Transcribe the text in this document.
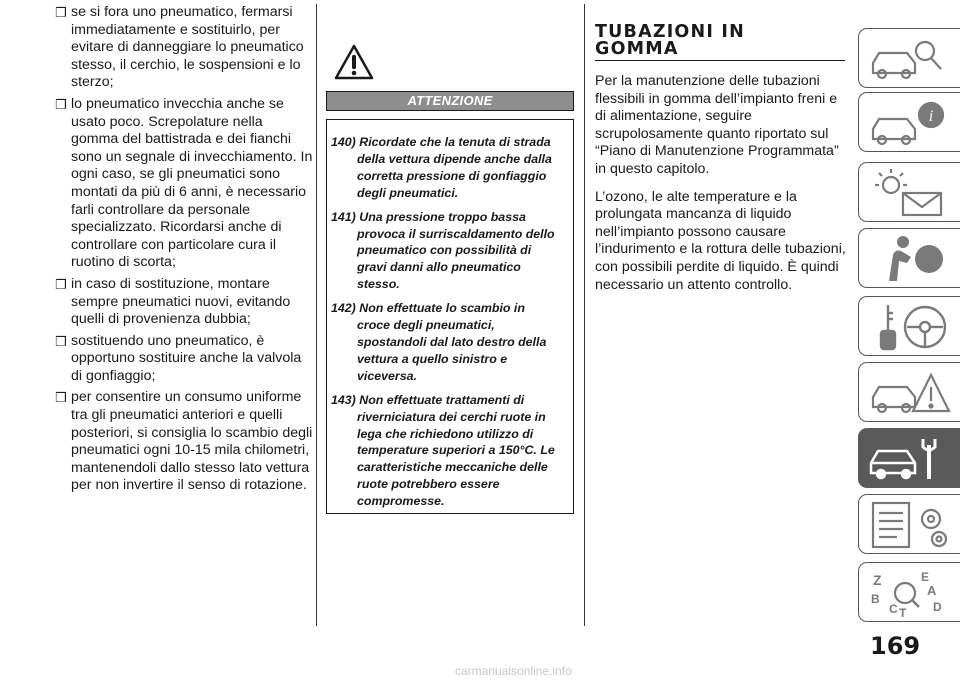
❒ se si fora uno pneumatico, fermarsi immediatamente e sostituirlo, per evitare di danneggiare lo pneumatico stesso, il cerchio, le sospensioni e lo sterzo;
❒ lo pneumatico invecchia anche se usato poco. Screpolature nella gomma del battistrada e dei fianchi sono un segnale di invecchiamento. In ogni caso, se gli pneumatici sono montati da più di 6 anni, è necessario farli controllare da personale specializzato. Ricordarsi anche di controllare con particolare cura il ruotino di scorta;
❒ in caso di sostituzione, montare sempre pneumatici nuovi, evitando quelli di provenienza dubbia;
❒ sostituendo uno pneumatico, è opportuno sostituire anche la valvola di gonfiaggio;
❒ per consentire un consumo uniforme tra gli pneumatici anteriori e quelli posteriori, si consiglia lo scambio degli pneumatici ogni 10-15 mila chilometri, mantenendoli dallo stesso lato vettura per non invertire il senso di rotazione.
ATTENZIONE
140) Ricordate che la tenuta di strada della vettura dipende anche dalla corretta pressione di gonfiaggio degli pneumatici.
141) Una pressione troppo bassa provoca il surriscaldamento dello pneumatico con possibilità di gravi danni allo pneumatico stesso.
142) Non effettuate lo scambio in croce degli pneumatici, spostandoli dal lato destro della vettura a quello sinistro e viceversa.
143) Non effettuate trattamenti di riverniciatura dei cerchi ruote in lega che richiedono utilizzo di temperature superiori a 150°C. Le caratteristiche meccaniche delle ruote potrebbero essere compromesse.
TUBAZIONI IN
GOMMA
Per la manutenzione delle tubazioni flessibili in gomma dell’impianto freni e di alimentazione, seguire scrupolosamente quanto riportato sul “Piano di Manutenzione Programmata” in questo capitolo.
L’ozono, le alte temperature e la prolungata mancanza di liquido nell’impianto possono causare l’indurimento e la rottura delle tubazioni, con possibili perdite di liquido. È quindi necessario un attento controllo.
i
Z	E
A
B
D
C T
169
carmanualsonline.info
